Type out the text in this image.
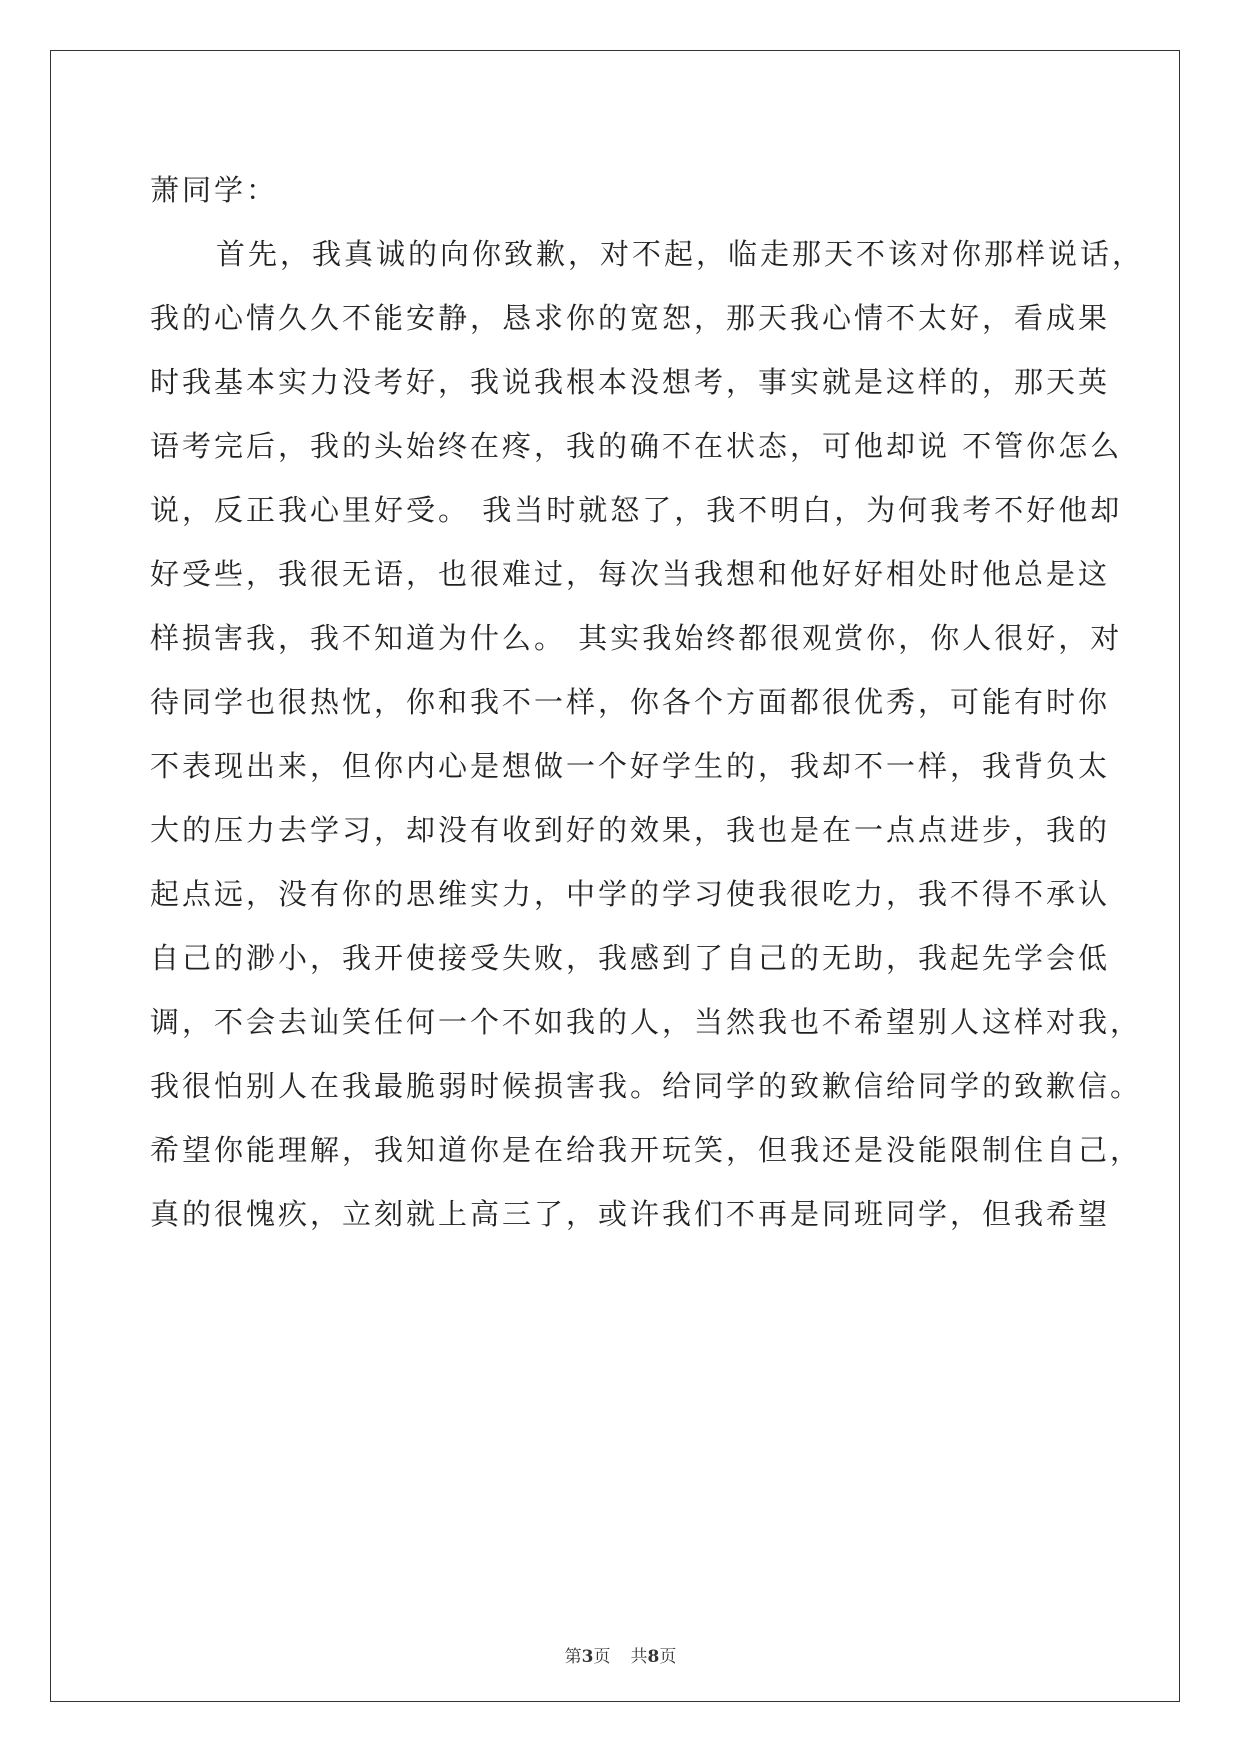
萧同学：
首先，我真诚的向你致歉，对不起，临走那天不该对你那样说话，
我的心情久久不能安静，恳求你的宽恕，那天我心情不太好，看成果
时我基本实力没考好，我说我根本没想考，事实就是这样的，那天英
语考完后，我的头始终在疼，我的确不在状态，可他却说 不管你怎么
说，反正我心里好受。 我当时就怒了，我不明白，为何我考不好他却
好受些，我很无语，也很难过，每次当我想和他好好相处时他总是这
样损害我，我不知道为什么。 其实我始终都很观赏你，你人很好，对
待同学也很热忱，你和我不一样，你各个方面都很优秀，可能有时你
不表现出来，但你内心是想做一个好学生的，我却不一样，我背负太
大的压力去学习，却没有收到好的效果，我也是在一点点进步，我的
起点远，没有你的思维实力，中学的学习使我很吃力，我不得不承认
自己的渺小，我开使接受失败，我感到了自己的无助，我起先学会低
调，不会去讪笑任何一个不如我的人，当然我也不希望别人这样对我，
我很怕别人在我最脆弱时候损害我。给同学的致歉信给同学的致歉信。
希望你能理解，我知道你是在给我开玩笑，但我还是没能限制住自己，
真的很愧疚，立刻就上高三了，或许我们不再是同班同学，但我希望
第3页 共8页
